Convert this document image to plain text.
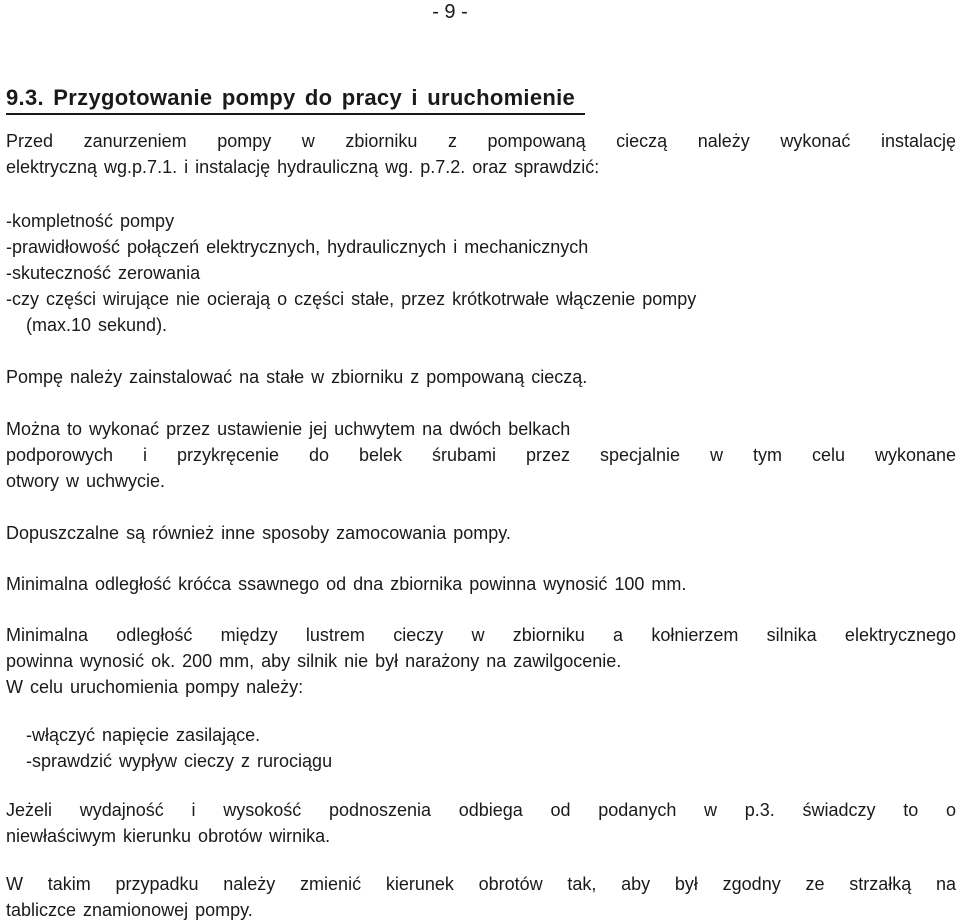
- 9 -
9.3. Przygotowanie pompy do pracy i uruchomienie
Przed zanurzeniem pompy w zbiorniku z pompowaną cieczą należy wykonać instalację
elektryczną wg.p.7.1. i instalację hydrauliczną wg. p.7.2. oraz sprawdzić:
-kompletność pompy
-prawidłowość połączeń elektrycznych, hydraulicznych i mechanicznych
-skuteczność zerowania
-czy części wirujące nie ocierają o części stałe, przez krótkotrwałe włączenie pompy
(max.10 sekund).
Pompę należy zainstalować na stałe w zbiorniku z pompowaną cieczą.
Można to wykonać przez ustawienie jej uchwytem na dwóch belkach
podporowych i przykręcenie do belek śrubami przez specjalnie w tym celu wykonane
otwory w uchwycie.
Dopuszczalne są również inne sposoby zamocowania pompy.
Minimalna odległość króćca ssawnego od dna zbiornika powinna wynosić 100 mm.
Minimalna odległość między lustrem cieczy w zbiorniku a kołnierzem silnika elektrycznego
powinna wynosić ok. 200 mm, aby silnik nie był narażony na zawilgocenie.
W celu uruchomienia pompy należy:
-włączyć napięcie zasilające.
-sprawdzić wypływ cieczy z rurociągu
Jeżeli wydajność i wysokość podnoszenia odbiega od podanych w p.3. świadczy to o
niewłaściwym kierunku obrotów wirnika.
W takim przypadku należy zmienić kierunek obrotów tak, aby był zgodny ze strzałką na
tabliczce znamionowej pompy.
